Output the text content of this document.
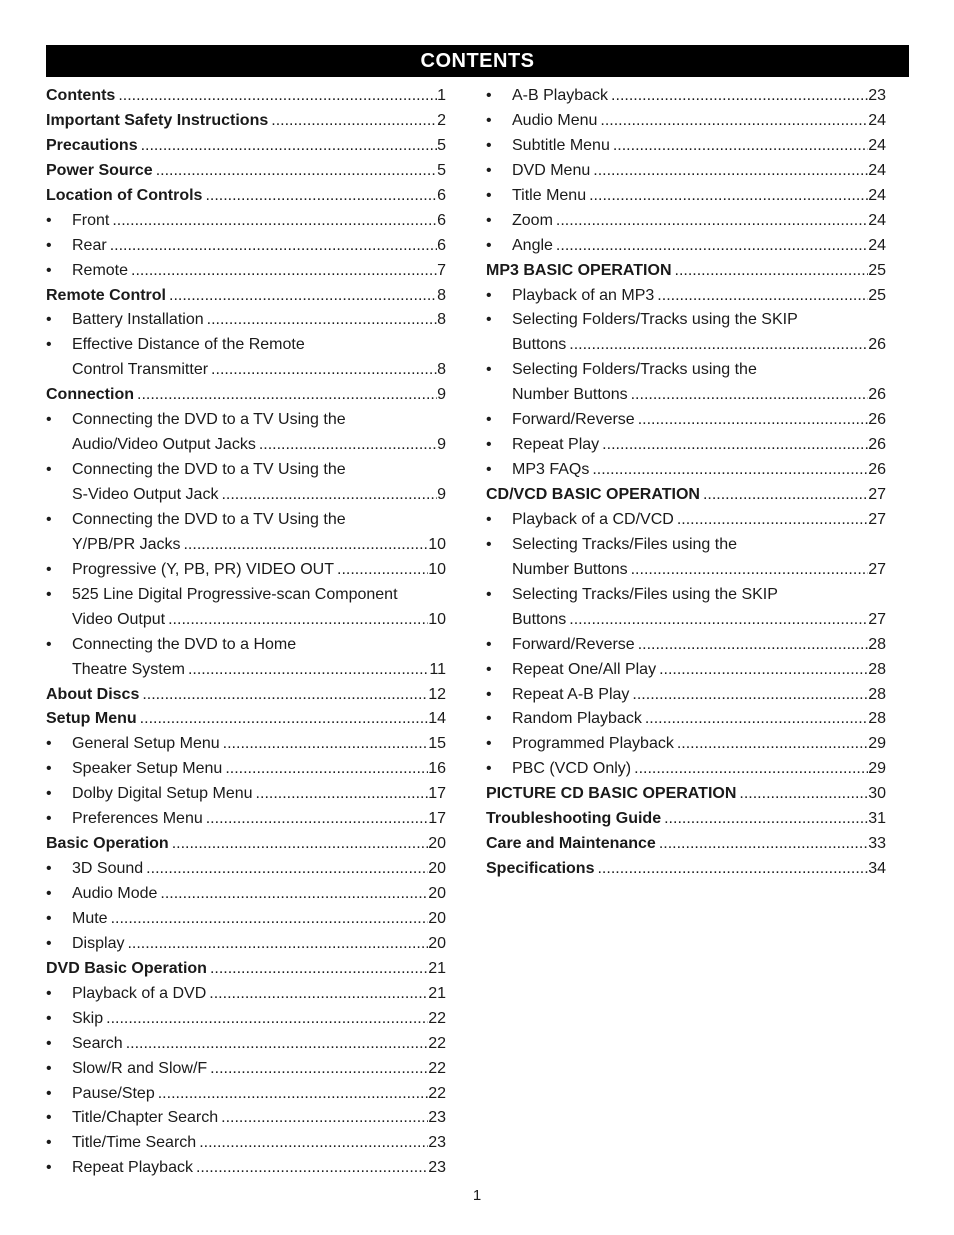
CONTENTS
Contents .....	1
Important Safety Instructions .....	2
Precautions .....	5
Power Source .....	5
Location of Controls .....	6
•	Front .....	6
•	Rear .....	6
•	Remote .....	7
Remote Control .....	8
•	Battery Installation .....	8
•	Effective Distance of the Remote
Control Transmitter .....	8
Connection .....	9
•	Connecting the DVD to a TV Using the
Audio/Video Output Jacks .....	9
•	Connecting the DVD to a TV Using the
S-Video Output Jack .....	9
•	Connecting the DVD to a TV Using the
Y/PB/PR Jacks .....	10
•	Progressive (Y, PB, PR) VIDEO OUT .....	10
•	525 Line Digital Progressive-scan Component
Video Output .....	10
•	Connecting the DVD to a Home
Theatre System .....	11
About Discs .....	12
Setup Menu .....	14
•	General Setup Menu .....	15
•	Speaker Setup Menu .....	16
•	Dolby Digital Setup Menu .....	17
•	Preferences Menu .....	17
Basic Operation .....	20
•	3D Sound .....	20
•	Audio Mode .....	20
•	Mute .....	20
•	Display .....	20
DVD Basic Operation .....	21
•	Playback of a DVD .....	21
•	Skip .....	22
•	Search .....	22
•	Slow/R and Slow/F .....	22
•	Pause/Step .....	22
•	Title/Chapter Search .....	23
•	Title/Time Search .....	23
•	Repeat Playback .....	23
•	A-B Playback .....	23
•	Audio Menu .....	24
•	Subtitle Menu .....	24
•	DVD Menu .....	24
•	Title Menu .....	24
•	Zoom .....	24
•	Angle .....	24
MP3 BASIC OPERATION .....	25
•	Playback of an MP3 .....	25
•	Selecting Folders/Tracks using the SKIP
Buttons .....	26
•	Selecting Folders/Tracks using the
Number Buttons .....	26
•	Forward/Reverse .....	26
•	Repeat Play .....	26
•	MP3 FAQs .....	26
CD/VCD BASIC OPERATION .....	27
•	Playback of a CD/VCD .....	27
•	Selecting Tracks/Files using the
Number Buttons .....	27
•	Selecting Tracks/Files using the SKIP
Buttons .....	27
•	Forward/Reverse .....	28
•	Repeat One/All Play .....	28
•	Repeat A-B Play .....	28
•	Random Playback .....	28
•	Programmed Playback .....	29
•	PBC (VCD Only) .....	29
PICTURE CD BASIC OPERATION .....	30
Troubleshooting Guide .....	31
Care and Maintenance .....	33
Specifications .....	34
1
